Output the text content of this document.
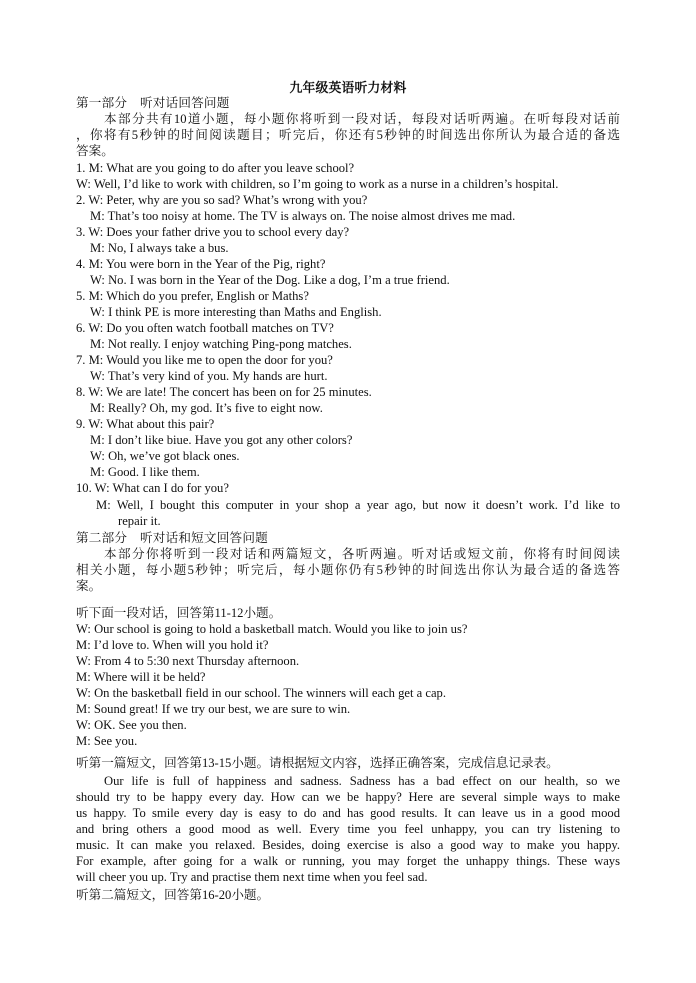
九年级英语听力材料
第一部分　听对话回答问题
本部分共有10道小题，每小题你将听到一段对话，每段对话听两遍。在听每段对话前
，你将有5秒钟的时间阅读题目；听完后，你还有5秒钟的时间选出你所认为最合适的备选
答案。
1. M: What are you going to do after you leave school?
W: Well, I’d like to work with children, so I’m going to work as a nurse in a children’s hospital.
2. W: Peter, why are you so sad? What’s wrong with you?
M: That’s too noisy at home. The TV is always on. The noise almost drives me mad.
3. W: Does your father drive you to school every day?
M: No, I always take a bus.
4. M: You were born in the Year of the Pig, right?
W: No. I was born in the Year of the Dog. Like a dog, I’m a true friend.
5. M: Which do you prefer, English or Maths?
W: I think PE is more interesting than Maths and English.
6. W: Do you often watch football matches on TV?
M: Not really. I enjoy watching Ping-pong matches.
7. M: Would you like me to open the door for you?
W: That’s very kind of you. My hands are hurt.
8. W: We are late! The concert has been on for 25 minutes.
M: Really? Oh, my god. It’s five to eight now.
9. W: What about this pair?
M: I don’t like biue. Have you got any other colors?
W: Oh, we’ve got black ones.
M: Good. I like them.
10. W: What can I do for you?
M: Well, I bought this computer in your shop a year ago, but now it doesn’t work. I’d like to
repair it.
第二部分　听对话和短文回答问题
本部分你将听到一段对话和两篇短文，各听两遍。听对话或短文前，你将有时间阅读
相关小题，每小题5秒钟；听完后，每小题你仍有5秒钟的时间选出你认为最合适的备选答
案。
听下面一段对话，回答第11-12小题。
W: Our school is going to hold a basketball match. Would you like to join us?
M: I’d love to. When will you hold it?
W: From 4 to 5:30 next Thursday afternoon.
M: Where will it be held?
W: On the basketball field in our school. The winners will each get a cap.
M: Sound great! If we try our best, we are sure to win.
W: OK. See you then.
M: See you.
听第一篇短文，回答第13-15小题。请根据短文内容，选择正确答案，完成信息记录表。
Our life is full of happiness and sadness. Sadness has a bad effect on our health, so we
should try to be happy every day. How can we be happy? Here are several simple ways to make
us happy. To smile every day is easy to do and has good results. It can leave us in a good mood
and bring others a good mood as well. Every time you feel unhappy, you can try listening to
music. It can make you relaxed. Besides, doing exercise is also a good way to make you happy.
For example, after going for a walk or running, you may forget the unhappy things. These ways
will cheer you up. Try and practise them next time when you feel sad.
听第二篇短文，回答第16-20小题。
